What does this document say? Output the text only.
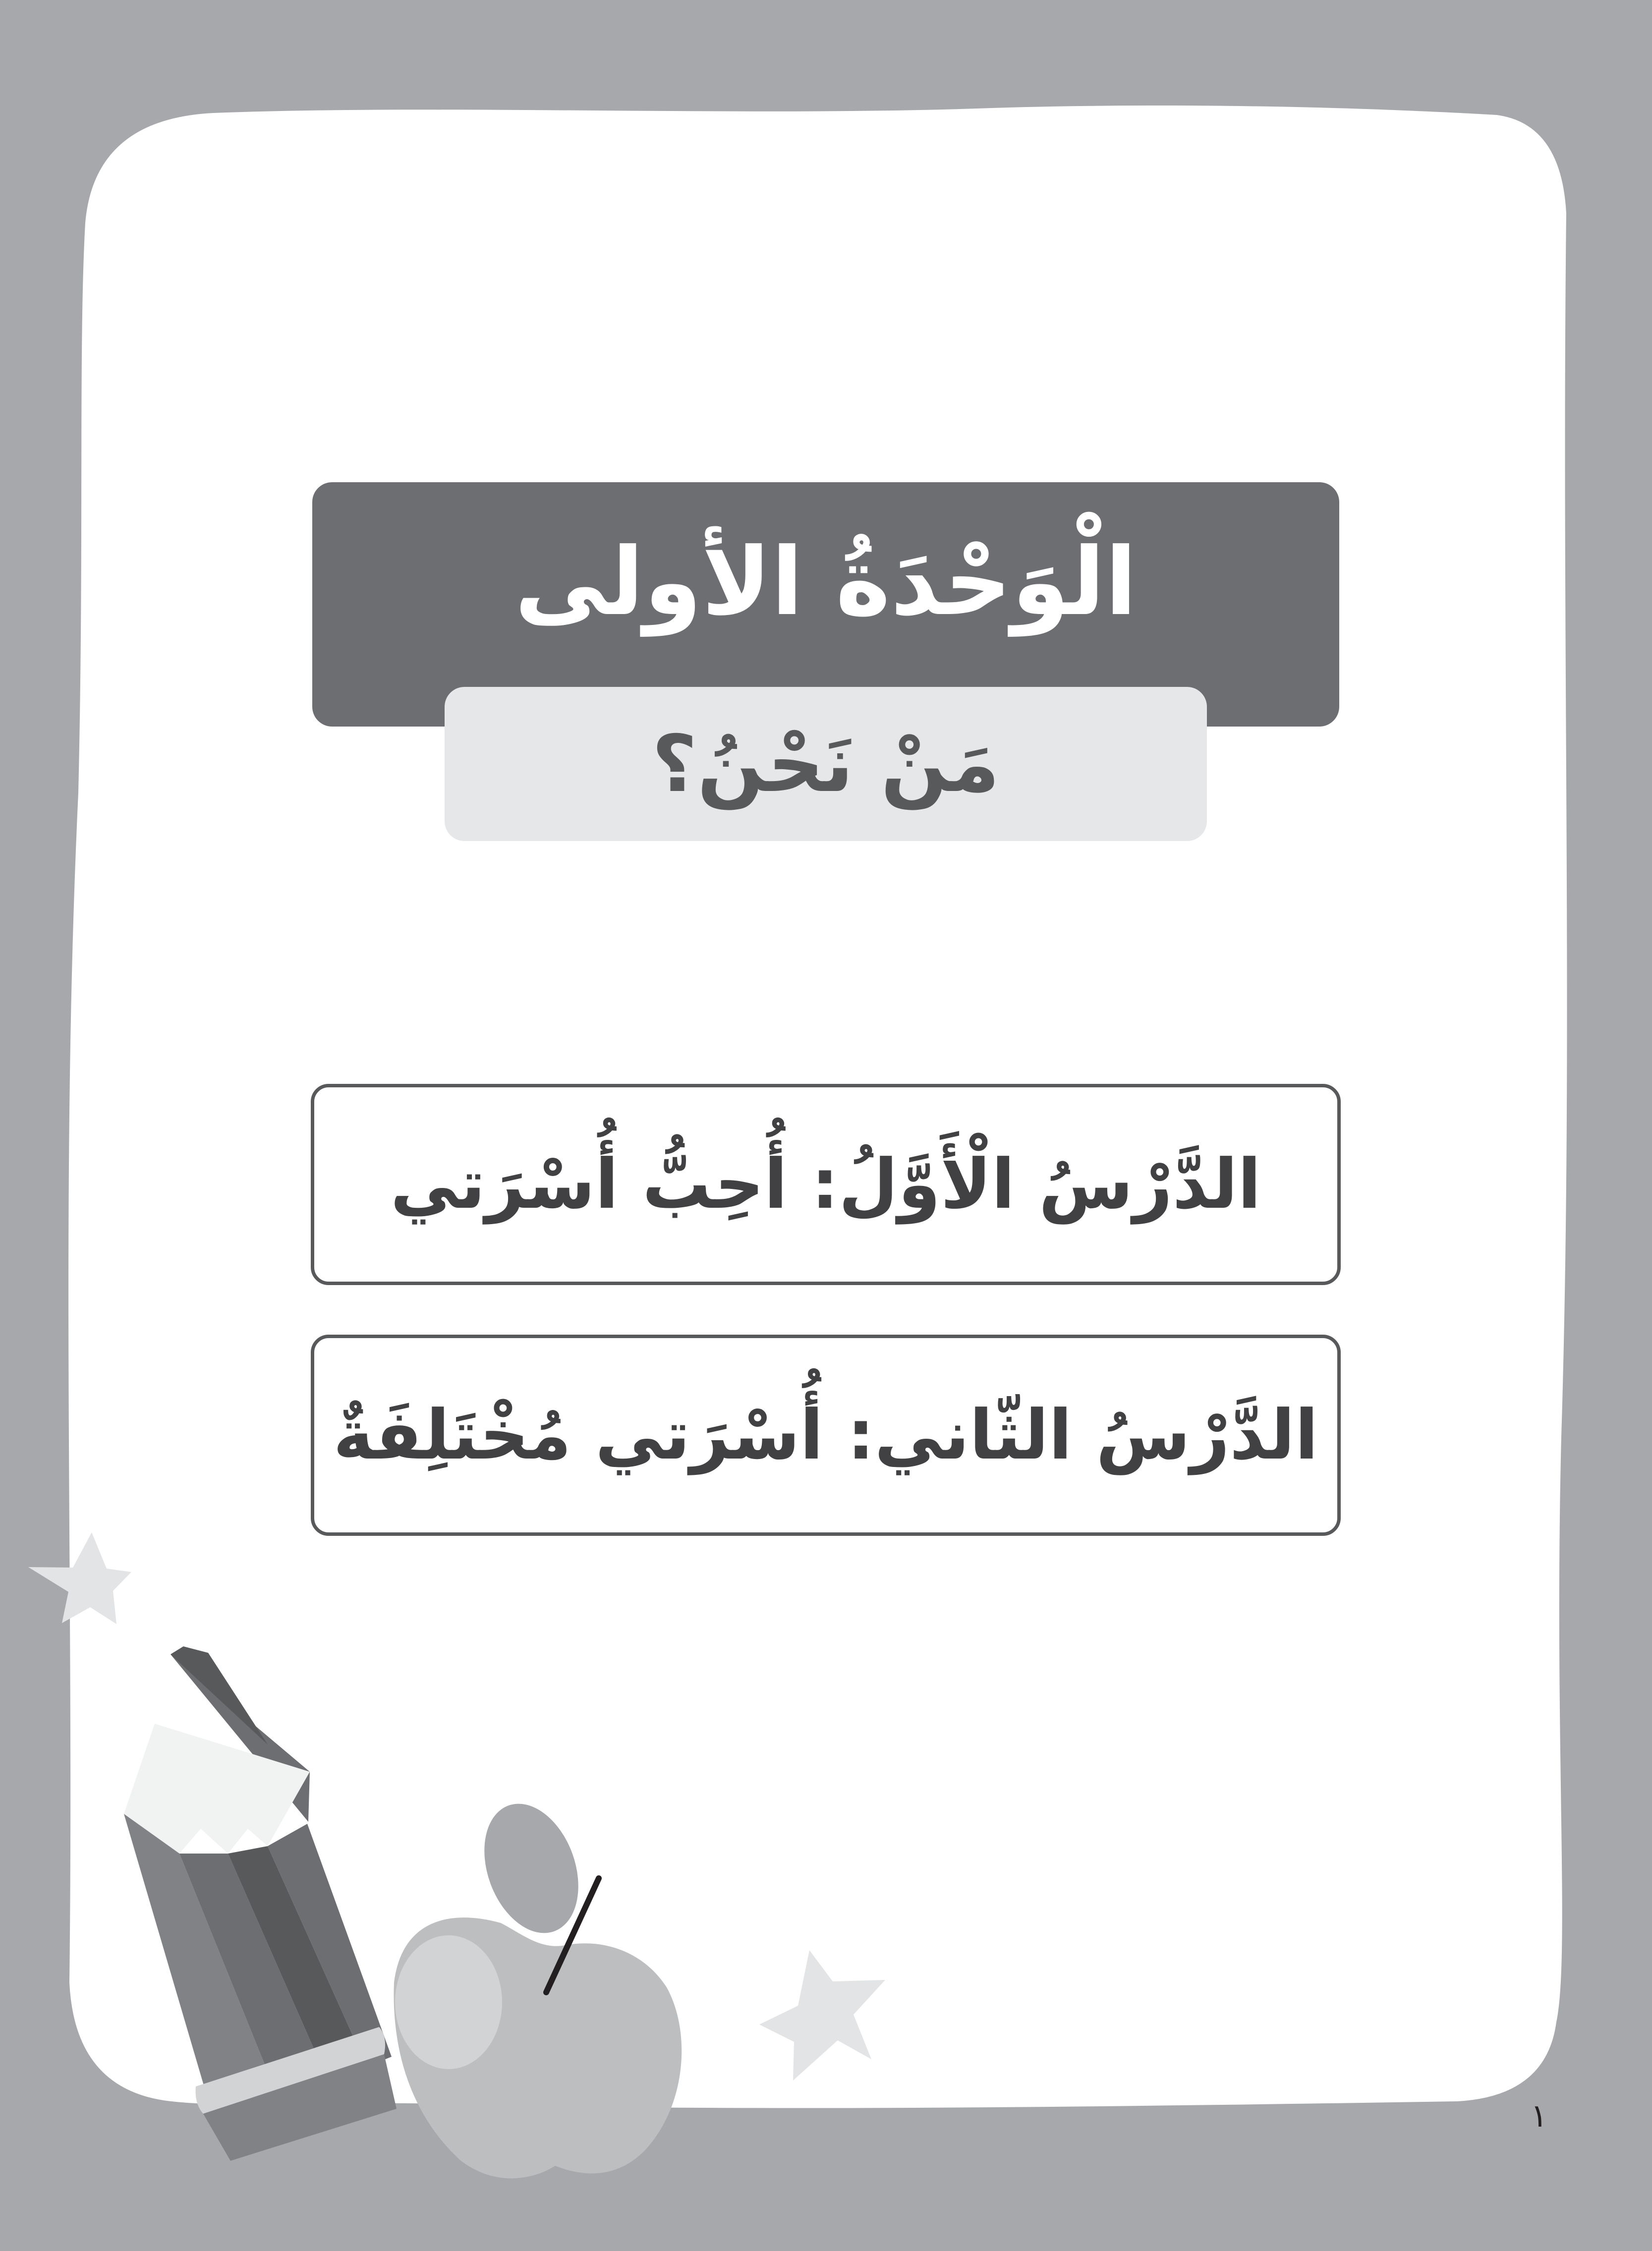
الْوَحْدَةُ الأولى
مَنْ نَحْنُ؟
الدَّرْسُ الْأَوَّلُ: أُحِبُّ أُسْرَتي
الدَّرْسُ الثّاني: أُسْرَتي مُخْتَلِفَةٌ
١
